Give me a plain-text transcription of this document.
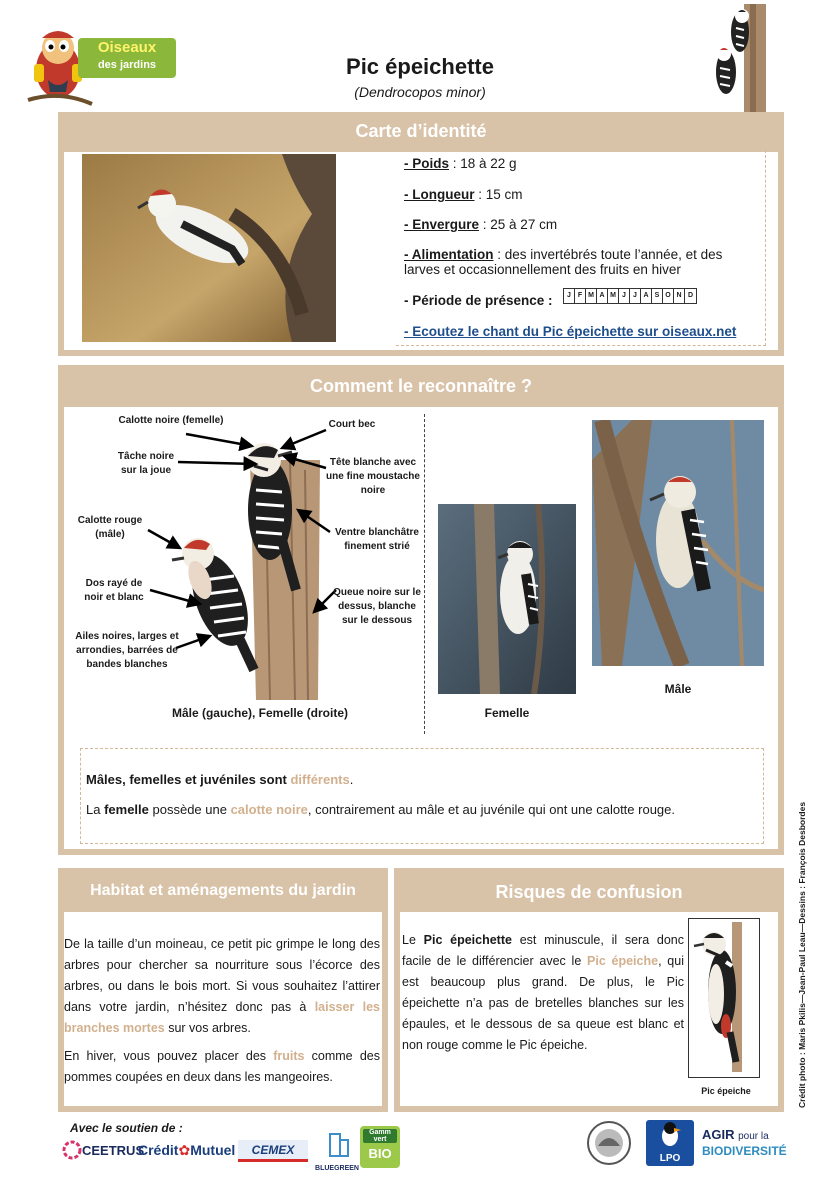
Oiseaux
des jardins	Pic épeichette
(Dendrocopos minor)
Carte d’identité
- Poids : 18 à 22 g
- Longueur : 15 cm
- Envergure : 25 à 27 cm
- Alimentation : des invertébrés toute l’année, et des larves et occasionnellement des fruits en hiver
- Période de présence :	J F M A M J	J A S O N D
- Ecoutez le chant du Pic épeichette sur oiseaux.net
Comment le reconnaître ?
Calotte noire (femelle)	Court bec
Tâche noire sur la joue
Tête blanche avec une fine moustache noire
Calotte rouge (mâle)	Ventre blanchâtre finement strié
Dos rayé de noir et blanc	Queue noire sur le dessus, blanche sur le dessous
Ailes noires, larges et arrondies, barrées de bandes blanches
Mâle (gauche), Femelle (droite)	Femelle
Mâle
Mâles, femelles et juvéniles sont différents.
La femelle possède une calotte noire, contrairement au mâle et au juvénile qui ont une calotte rouge.
Habitat et aménagements du jardin
De la taille d’un moineau, ce petit pic grimpe le long des arbres pour chercher sa nourriture sous l’écorce des arbres, ou dans le bois mort. Si vous souhaitez l’attirer dans votre jardin, n’hésitez donc pas à laisser les branches mortes sur vos arbres.
En hiver, vous pouvez placer des fruits comme des pommes coupées en deux dans les mangeoires.
Risques de confusion
Le Pic épeichette est minuscule, il sera donc facile de le différencier avec le Pic épeiche, qui est beaucoup plus grand. De plus, le Pic épeichette n’a pas de bretelles blanches sur les épaules, et le dessous de sa queue est blanc et non rouge comme le Pic épeiche.
Pic épeiche	Crédit photo : Maris Pkilis—Jean-Paul Leau—Dessins : François Desbordes
Avec le soutien de :
CEETRUS
Crédit✿Mutuel	CEMEX
BLUEGREEN
Gamm vert
BIO	LPO
AGIR pour la
BIODIVERSITÉ
